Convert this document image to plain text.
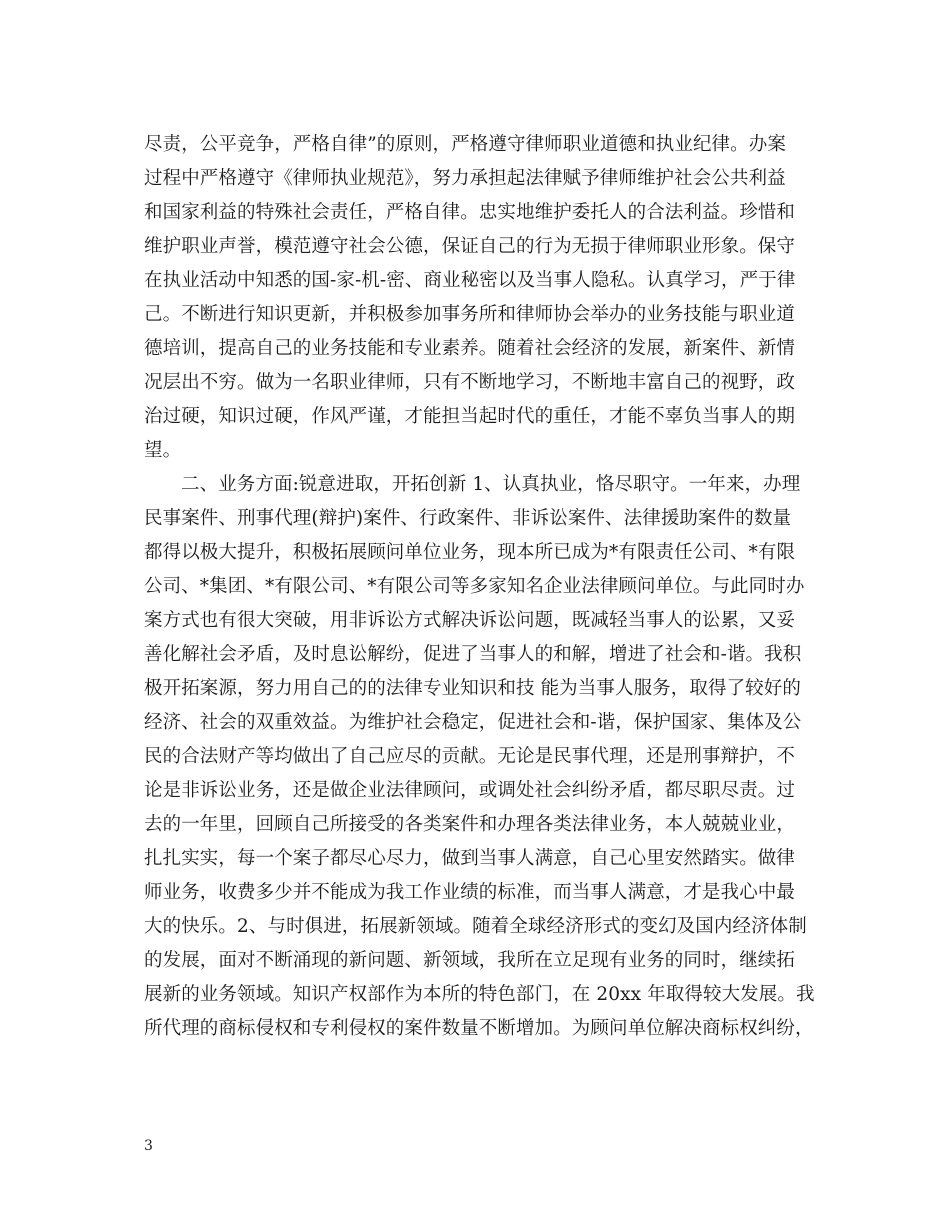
尽责，公平竞争，严格自律”的原则，严格遵守律师职业道德和执业纪律。办案
过程中严格遵守《律师执业规范》，努力承担起法律赋予律师维护社会公共利益
和国家利益的特殊社会责任，严格自律。忠实地维护委托人的合法利益。珍惜和
维护职业声誉，模范遵守社会公德，保证自己的行为无损于律师职业形象。保守
在执业活动中知悉的国-家-机-密、商业秘密以及当事人隐私。认真学习，严于律
己。不断进行知识更新，并积极参加事务所和律师协会举办的业务技能与职业道
德培训，提高自己的业务技能和专业素养。随着社会经济的发展，新案件、新情
况层出不穷。做为一名职业律师，只有不断地学习，不断地丰富自己的视野，政
治过硬，知识过硬，作风严谨，才能担当起时代的重任，才能不辜负当事人的期
望。
二、业务方面:锐意进取，开拓创新 1、认真执业，恪尽职守。一年来，办理
民事案件、刑事代理(辩护)案件、行政案件、非诉讼案件、法律援助案件的数量
都得以极大提升，积极拓展顾问单位业务，现本所已成为*有限责任公司、*有限
公司、*集团、*有限公司、*有限公司等多家知名企业法律顾问单位。与此同时办
案方式也有很大突破，用非诉讼方式解决诉讼问题，既减轻当事人的讼累，又妥
善化解社会矛盾，及时息讼解纷，促进了当事人的和解，增进了社会和-谐。我积
极开拓案源，努力用自己的的法律专业知识和技 能为当事人服务，取得了较好的
经济、社会的双重效益。为维护社会稳定，促进社会和-谐，保护国家、集体及公
民的合法财产等均做出了自己应尽的贡献。无论是民事代理，还是刑事辩护，不
论是非诉讼业务，还是做企业法律顾问，或调处社会纠纷矛盾，都尽职尽责。过
去的一年里，回顾自己所接受的各类案件和办理各类法律业务，本人兢兢业业，
扎扎实实，每一个案子都尽心尽力，做到当事人满意，自己心里安然踏实。做律
师业务，收费多少并不能成为我工作业绩的标准，而当事人满意，才是我心中最
大的快乐。2、与时俱进，拓展新领域。随着全球经济形式的变幻及国内经济体制
的发展，面对不断涌现的新问题、新领域，我所在立足现有业务的同时，继续拓
展新的业务领域。知识产权部作为本所的特色部门，在 20xx 年取得较大发展。我
所代理的商标侵权和专利侵权的案件数量不断增加。为顾问单位解决商标权纠纷，
3
